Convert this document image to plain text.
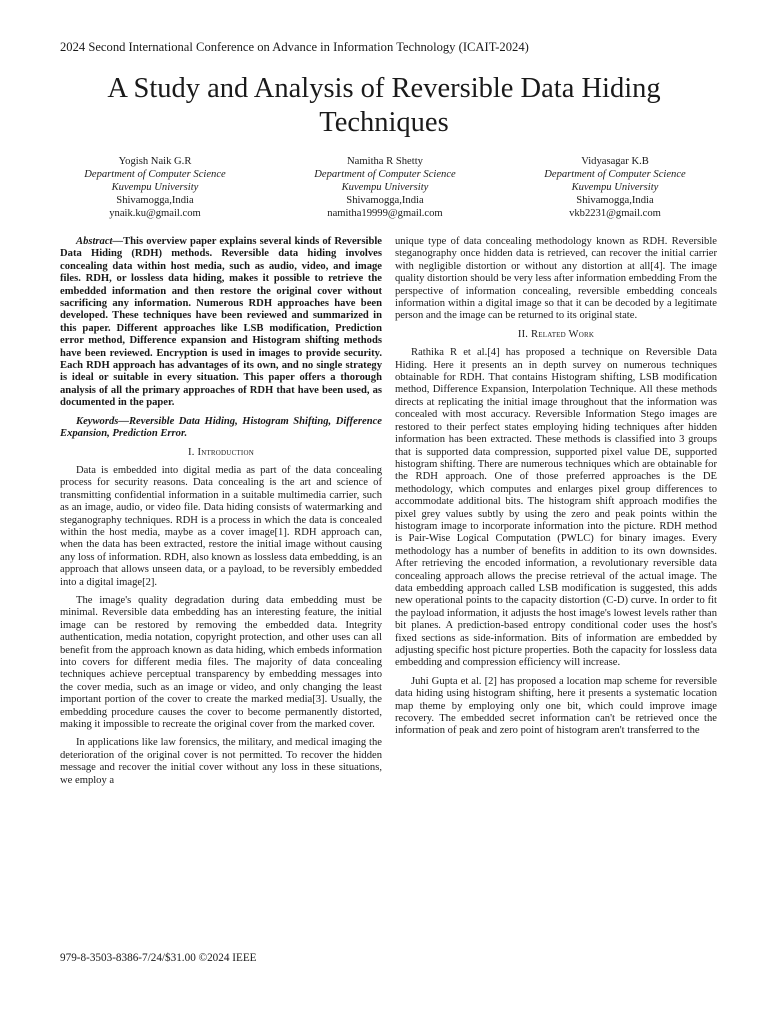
2024 Second International Conference on Advance in Information Technology (ICAIT-2024)
A Study and Analysis of Reversible Data Hiding Techniques
Yogish Naik G.R
Department of Computer Science
Kuvempu University
Shivamogga,India
ynaik.ku@gmail.com
Namitha R Shetty
Department of Computer Science
Kuvempu University
Shivamogga,India
namitha19999@gmail.com
Vidyasagar K.B
Department of Computer Science
Kuvempu University
Shivamogga,India
vkb2231@gmail.com

Abstract—This overview paper explains several kinds of Reversible Data Hiding (RDH) methods. Reversible data hiding involves concealing data within host media, such as audio, video, and image files. RDH, or lossless data hiding, makes it possible to retrieve the embedded information and then restore the original cover without sacrificing any information. Numerous RDH approaches have been developed. These techniques have been reviewed and summarized in this paper. Different approaches like LSB modification, Prediction error method, Difference expansion and Histogram shifting methods have been reviewed. Encryption is used in images to provide security. Each RDH approach has advantages of its own, and no single strategy is ideal or suitable in every situation. This paper offers a thorough analysis of all the primary approaches of RDH that have been used, as documented in the paper.

Keywords—Reversible Data Hiding, Histogram Shifting, Difference Expansion, Prediction Error.

I. Introduction

Data is embedded into digital media as part of the data concealing process for security reasons. Data concealing is the art and science of transmitting confidential information in a suitable multimedia carrier, such as an image, audio, or video file. Data hiding consists of watermarking and steganography techniques. RDH is a process in which the data is concealed within the host media, maybe as a cover image[1]. RDH approach can, when the data has been extracted, restore the initial image without causing any loss of information. RDH, also known as lossless data embedding, is an approach that allows unseen data, or a payload, to be reversibly embedded into a digital image[2].

The image's quality degradation during data embedding must be minimal. Reversible data embedding has an interesting feature, the initial image can be restored by removing the embedded data. Integrity authentication, media notation, copyright protection, and other uses can all benefit from the approach known as data hiding, which embeds information into covers for different media files. The majority of data concealing techniques achieve perceptual transparency by embedding messages into the cover media, such as an image or video, and only changing the least important portion of the cover to create the marked media[3]. Usually, the embedding procedure causes the cover to become permanently distorted, making it impossible to recreate the original cover from the marked cover.

In applications like law forensics, the military, and medical imaging the deterioration of the original cover is not permitted. To recover the hidden message and recover the initial cover without any loss in these situations, we employ a

unique type of data concealing methodology known as RDH. Reversible steganography once hidden data is retrieved, can recover the initial carrier with negligible distortion or without any distortion at all[4]. The image quality distortion should be very less after information embedding From the perspective of information concealing, reversible embedding conceals information within a digital image so that it can be decoded by a legitimate person and the image can be returned to its original state.

II. Related Work

Rathika R et al.[4] has proposed a technique on Reversible Data Hiding. Here it presents an in depth survey on numerous techniques obtainable for RDH. That contains Histogram shifting, LSB modification method, Difference Expansion, Interpolation Technique. All these methods directs at replicating the initial image throughout that the information was concealed with most accuracy. Reversible Information Stego images are restored to their perfect states employing hiding techniques after hidden information has been extracted. These methods is classified into 3 groups that is supported data compression, supported pixel value DE, supported histogram shifting. There are numerous techniques which are obtainable for the RDH approach. One of those preferred approaches is the DE methodology, which computes and enlarges pixel group differences to accommodate additional bits. The histogram shift approach modifies the pixel grey values subtly by using the zero and peak points within the histogram image to incorporate information into the picture. RDH method is Pair-Wise Logical Computation (PWLC) for binary images. Every methodology has a number of benefits in addition to its own downsides. After retrieving the encoded information, a revolutionary reversible data concealing approach allows the precise retrieval of the actual image. The data embedding approach called LSB modification is suggested, this adds new operational points to the capacity distortion (C-D) curve. In order to fit the payload information, it adjusts the host image's lowest levels rather than bit planes. A prediction-based entropy conditional coder uses the host's fixed sections as side-information. Bits of information are embedded by adjusting specific host picture properties. Both the capacity for lossless data embedding and compression efficiency will increase.

Juhi Gupta et al. [2] has proposed a location map scheme for reversible data hiding using histogram shifting, here it presents a systematic location map theme by employing only one bit, which could improve image recovery. The embedded secret information can't be retrieved once the information of peak and zero point of histogram aren't transferred to the

979-8-3503-8386-7/24/$31.00 ©2024 IEEE
